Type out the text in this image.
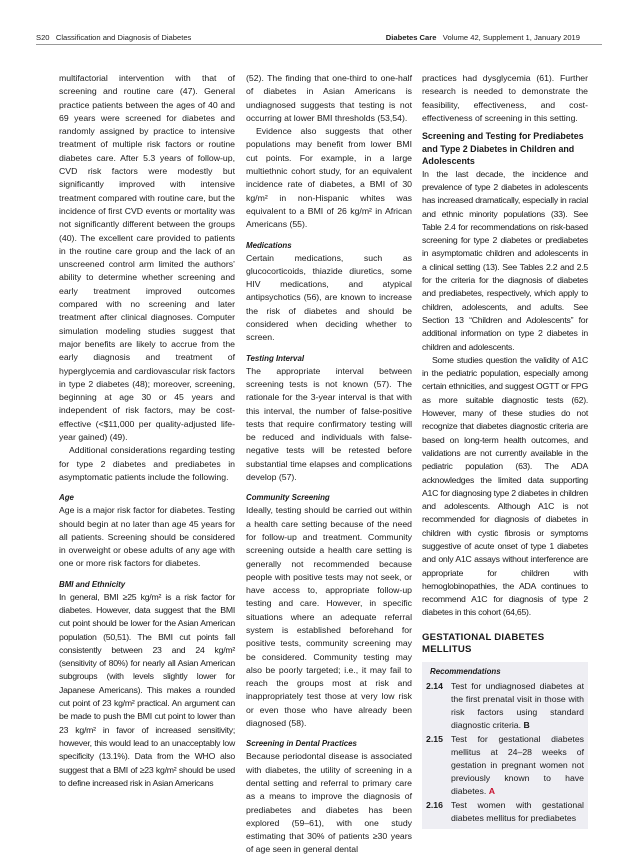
S20 Classification and Diagnosis of Diabetes	Diabetes Care Volume 42, Supplement 1, January 2019

multifactorial intervention with that of screening and routine care (47). General practice patients between the ages of 40 and 69 years were screened for diabetes and randomly assigned by practice to intensive treatment of multiple risk factors or routine diabetes care. After 5.3 years of follow-up, CVD risk factors were modestly but significantly improved with intensive treatment compared with routine care, but the incidence of first CVD events or mortality was not significantly different between the groups (40). The excellent care provided to patients in the routine care group and the lack of an unscreened control arm limited the authors’ ability to determine whether screening and early treatment improved outcomes compared with no screening and later treatment after clinical diagnoses. Computer simulation modeling studies suggest that major benefits are likely to accrue from the early diagnosis and treatment of hyperglycemia and cardiovascular risk factors in type 2 diabetes (48); moreover, screening, beginning at age 30 or 45 years and independent of risk factors, may be cost-effective (<$11,000 per quality-adjusted life-year gained) (49).

Additional considerations regarding testing for type 2 diabetes and prediabetes in asymptomatic patients include the following.

Age

Age is a major risk factor for diabetes. Testing should begin at no later than age 45 years for all patients. Screening should be considered in overweight or obese adults of any age with one or more risk factors for diabetes.

BMI and Ethnicity

In general, BMI ≥25 kg/m² is a risk factor for diabetes. However, data suggest that the BMI cut point should be lower for the Asian American population (50,51). The BMI cut points fall consistently between 23 and 24 kg/m² (sensitivity of 80%) for nearly all Asian American subgroups (with levels slightly lower for Japanese Americans). This makes a rounded cut point of 23 kg/m² practical. An argument can be made to push the BMI cut point to lower than 23 kg/m² in favor of increased sensitivity; however, this would lead to an unacceptably low specificity (13.1%). Data from the WHO also suggest that a BMI of ≥23 kg/m² should be used to define increased risk in Asian Americans

(52). The finding that one-third to one-half of diabetes in Asian Americans is undiagnosed suggests that testing is not occurring at lower BMI thresholds (53,54).

Evidence also suggests that other populations may benefit from lower BMI cut points. For example, in a large multiethnic cohort study, for an equivalent incidence rate of diabetes, a BMI of 30 kg/m² in non-Hispanic whites was equivalent to a BMI of 26 kg/m² in African Americans (55).

Medications

Certain medications, such as glucocorticoids, thiazide diuretics, some HIV medications, and atypical antipsychotics (56), are known to increase the risk of diabetes and should be considered when deciding whether to screen.

Testing Interval

The appropriate interval between screening tests is not known (57). The rationale for the 3-year interval is that with this interval, the number of false-positive tests that require confirmatory testing will be reduced and individuals with false-negative tests will be retested before substantial time elapses and complications develop (57).

Community Screening

Ideally, testing should be carried out within a health care setting because of the need for follow-up and treatment. Community screening outside a health care setting is generally not recommended because people with positive tests may not seek, or have access to, appropriate follow-up testing and care. However, in specific situations where an adequate referral system is established beforehand for positive tests, community screening may be considered. Community testing may also be poorly targeted; i.e., it may fail to reach the groups most at risk and inappropriately test those at very low risk or even those who have already been diagnosed (58).

Screening in Dental Practices

Because periodontal disease is associated with diabetes, the utility of screening in a dental setting and referral to primary care as a means to improve the diagnosis of prediabetes and diabetes has been explored (59–61), with one study estimating that 30% of patients ≥30 years of age seen in general dental

practices had dysglycemia (61). Further research is needed to demonstrate the feasibility, effectiveness, and cost-effectiveness of screening in this setting.

Screening and Testing for Prediabetes and Type 2 Diabetes in Children and Adolescents

In the last decade, the incidence and prevalence of type 2 diabetes in adolescents has increased dramatically, especially in racial and ethnic minority populations (33). See Table 2.4 for recommendations on risk-based screening for type 2 diabetes or prediabetes in asymptomatic children and adolescents in a clinical setting (13). See Tables 2.2 and 2.5 for the criteria for the diagnosis of diabetes and prediabetes, respectively, which apply to children, adolescents, and adults. See Section 13 “Children and Adolescents” for additional information on type 2 diabetes in children and adolescents.

Some studies question the validity of A1C in the pediatric population, especially among certain ethnicities, and suggest OGTT or FPG as more suitable diagnostic tests (62). However, many of these studies do not recognize that diabetes diagnostic criteria are based on long-term health outcomes, and validations are not currently available in the pediatric population (63). The ADA acknowledges the limited data supporting A1C for diagnosing type 2 diabetes in children and adolescents. Although A1C is not recommended for diagnosis of diabetes in children with cystic fibrosis or symptoms suggestive of acute onset of type 1 diabetes and only A1C assays without interference are appropriate for children with hemoglobinopathies, the ADA continues to recommend A1C for diagnosis of type 2 diabetes in this cohort (64,65).

GESTATIONAL DIABETES MELLITUS
Recommendations
2.14 Test for undiagnosed diabetes at the first prenatal visit in those with risk factors using standard diagnostic criteria. B
2.15 Test for gestational diabetes mellitus at 24–28 weeks of gestation in pregnant women not previously known to have diabetes. A
2.16 Test women with gestational diabetes mellitus for prediabetes
